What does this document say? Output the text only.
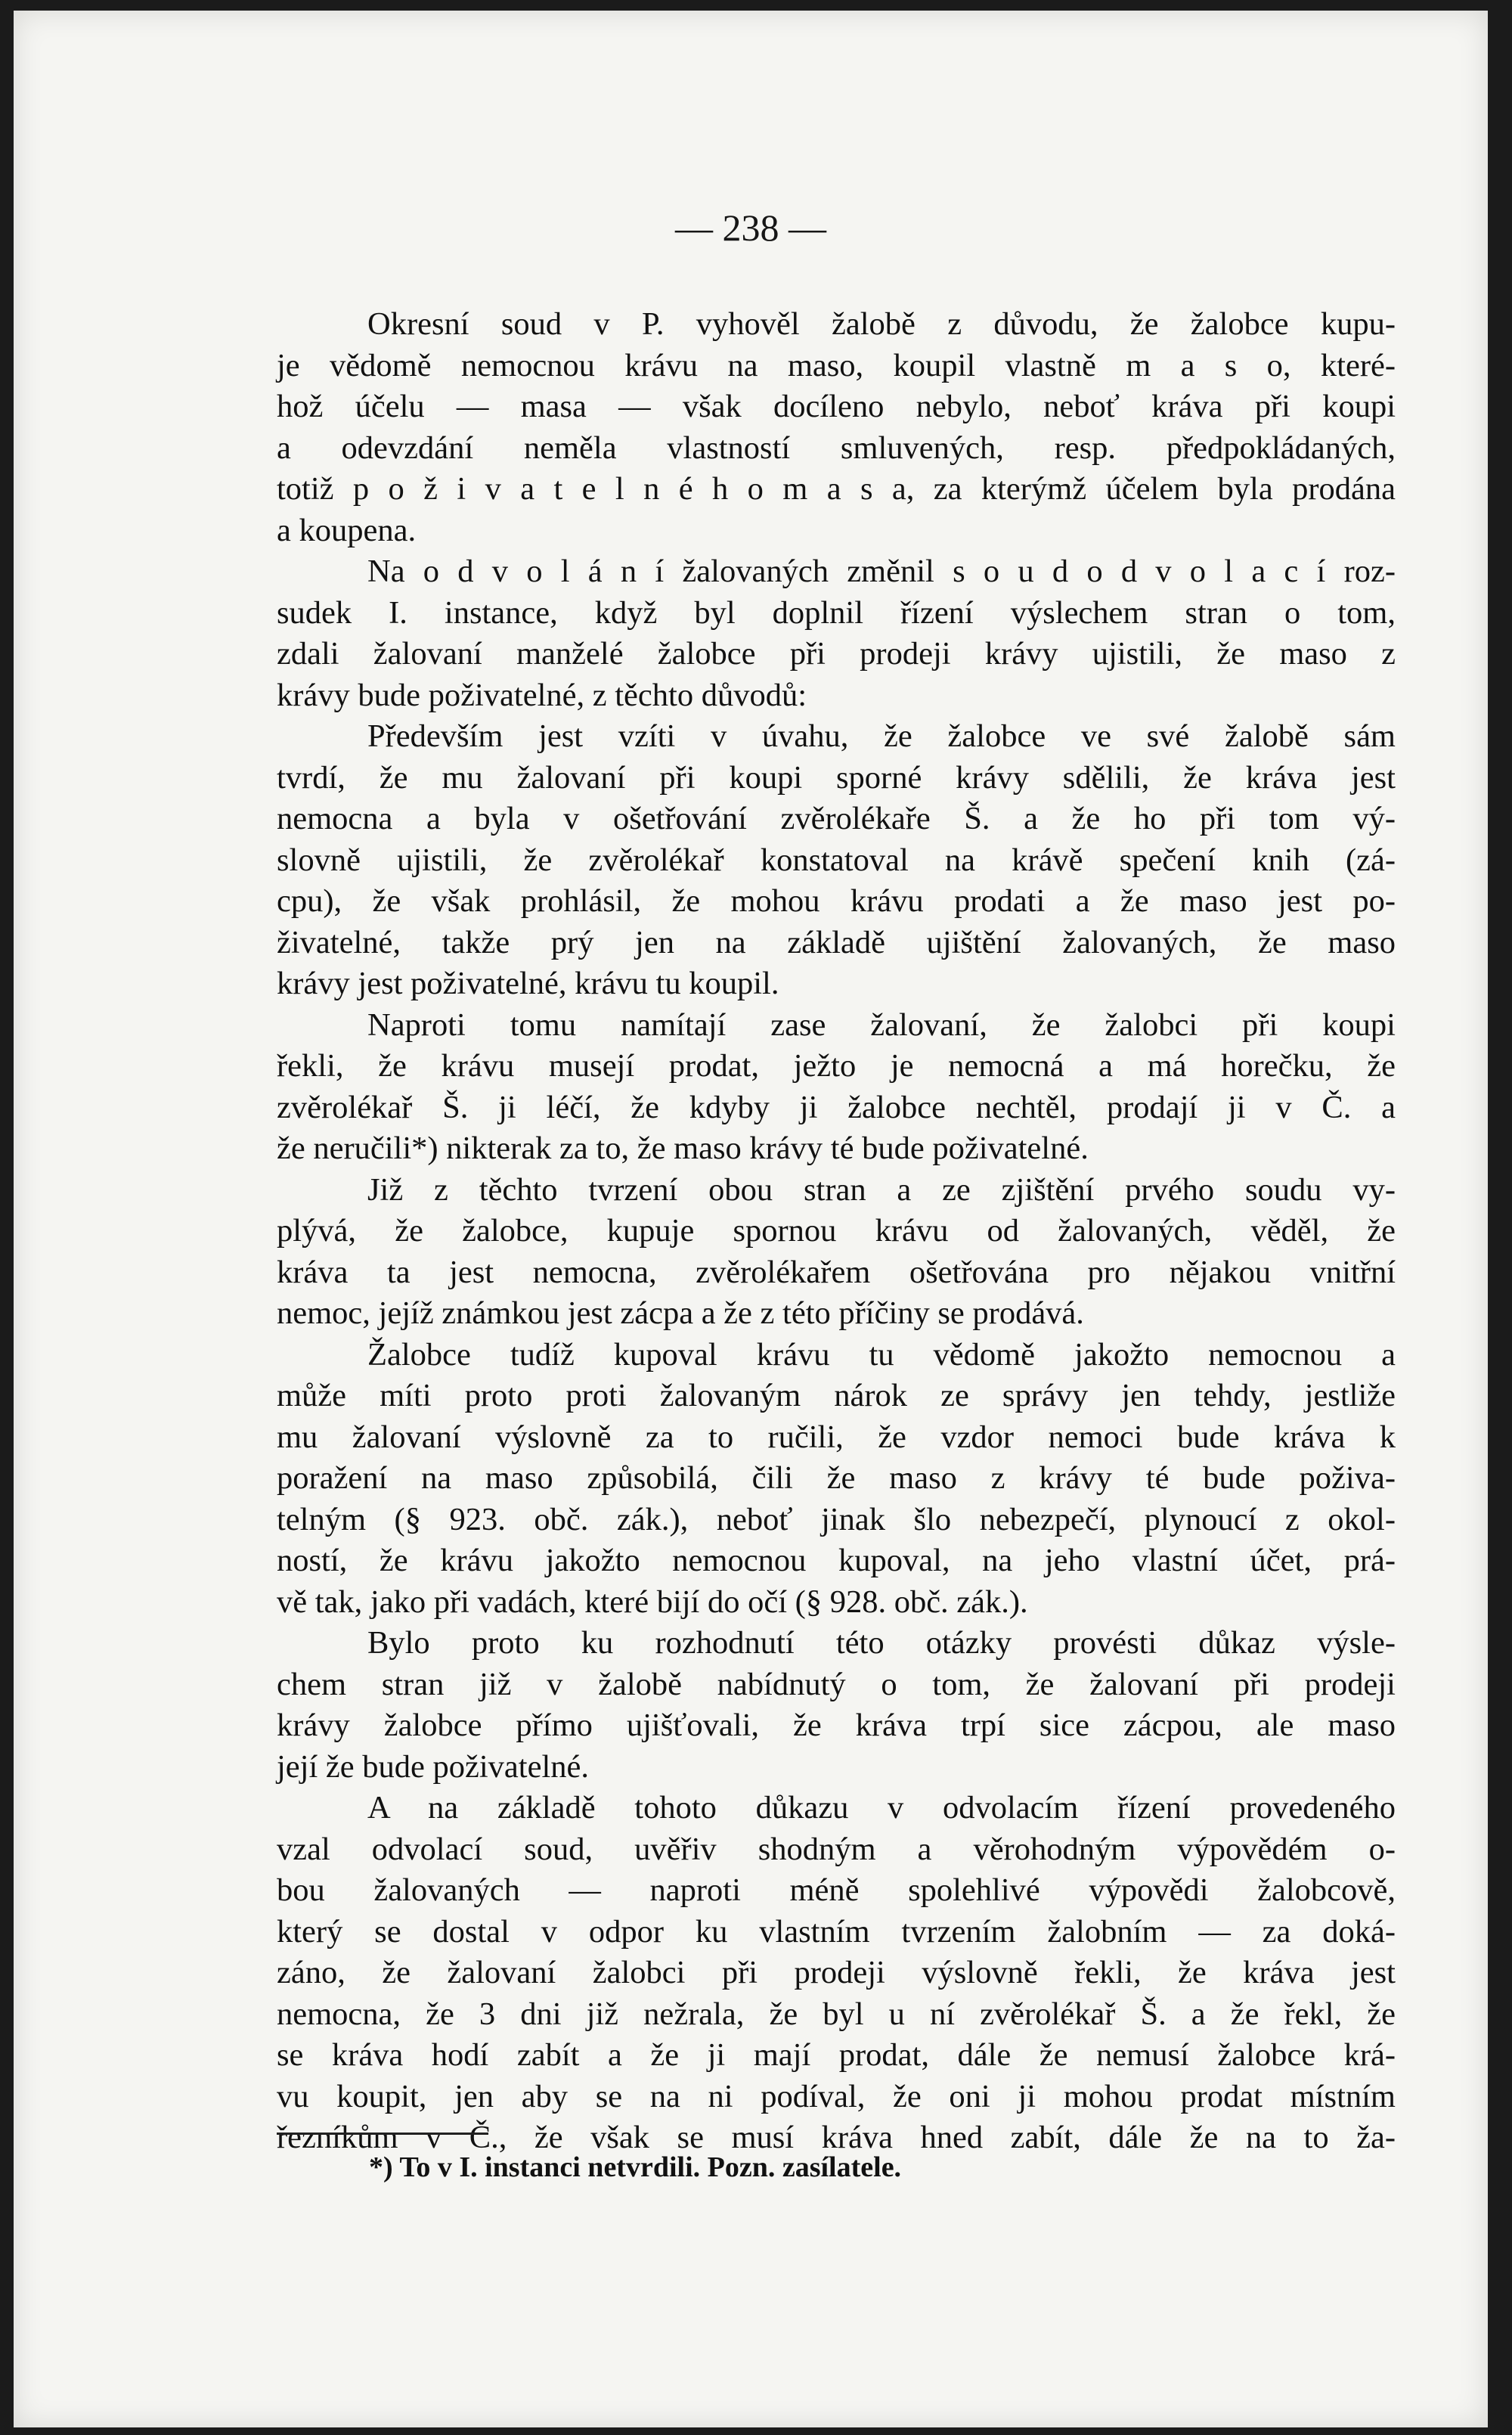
— 238 —
Okresní soud v P. vyhověl žalobě z důvodu, že žalobce kupu-
je vědomě nemocnou krávu na maso, koupil vlastně m a s o, které-
hož účelu — masa — však docíleno nebylo, neboť kráva při koupi
a odevzdání neměla vlastností smluvených, resp. předpokládaných,
totiž p o ž i v a t e l n é h o m a s a, za kterýmž účelem byla prodána
a koupena.
Na o d v o l á n í žalovaných změnil s o u d o d v o l a c í roz-
sudek I. instance, když byl doplnil řízení výslechem stran o tom,
zdali žalovaní manželé žalobce při prodeji krávy ujistili, že maso z
krávy bude poživatelné, z těchto důvodů:
Především jest vzíti v úvahu, že žalobce ve své žalobě sám
tvrdí, že mu žalovaní při koupi sporné krávy sdělili, že kráva jest
nemocna a byla v ošetřování zvěrolékaře Š. a že ho při tom vý-
slovně ujistili, že zvěrolékař konstatoval na krávě spečení knih (zá-
cpu), že však prohlásil, že mohou krávu prodati a že maso jest po-
živatelné, takže prý jen na základě ujištění žalovaných, že maso
krávy jest poživatelné, krávu tu koupil.
Naproti tomu namítají zase žalovaní, že žalobci při koupi
řekli, že krávu musejí prodat, ježto je nemocná a má horečku, že
zvěrolékař Š. ji léčí, že kdyby ji žalobce nechtěl, prodají ji v Č. a
že neručili*) nikterak za to, že maso krávy té bude poživatelné.
Již z těchto tvrzení obou stran a ze zjištění prvého soudu vy-
plývá, že žalobce, kupuje spornou krávu od žalovaných, věděl, že
kráva ta jest nemocna, zvěrolékařem ošetřována pro nějakou vnitřní
nemoc, jejíž známkou jest zácpa a že z této příčiny se prodává.
Žalobce tudíž kupoval krávu tu vědomě jakožto nemocnou a
může míti proto proti žalovaným nárok ze správy jen tehdy, jestliže
mu žalovaní výslovně za to ručili, že vzdor nemoci bude kráva k
poražení na maso způsobilá, čili že maso z krávy té bude poživa-
telným (§ 923. obč. zák.), neboť jinak šlo nebezpečí, plynoucí z okol-
ností, že krávu jakožto nemocnou kupoval, na jeho vlastní účet, prá-
vě tak, jako při vadách, které bijí do očí (§ 928. obč. zák.).
Bylo proto ku rozhodnutí této otázky provésti důkaz výsle-
chem stran již v žalobě nabídnutý o tom, že žalovaní při prodeji
krávy žalobce přímo ujišťovali, že kráva trpí sice zácpou, ale maso
její že bude poživatelné.
A na základě tohoto důkazu v odvolacím řízení provedeného
vzal odvolací soud, uvěřiv shodným a věrohodným výpovědém o-
bou žalovaných — naproti méně spolehlivé výpovědi žalobcově,
který se dostal v odpor ku vlastním tvrzením žalobním — za doká-
záno, že žalovaní žalobci při prodeji výslovně řekli, že kráva jest
nemocna, že 3 dni již nežrala, že byl u ní zvěrolékař Š. a že řekl, že
se kráva hodí zabít a že ji mají prodat, dále že nemusí žalobce krá-
vu koupit, jen aby se na ni podíval, že oni ji mohou prodat místním
řezníkům v Č., že však se musí kráva hned zabít, dále že na to ža-
*) To v I. instanci netvrdili. Pozn. zasílatele.
